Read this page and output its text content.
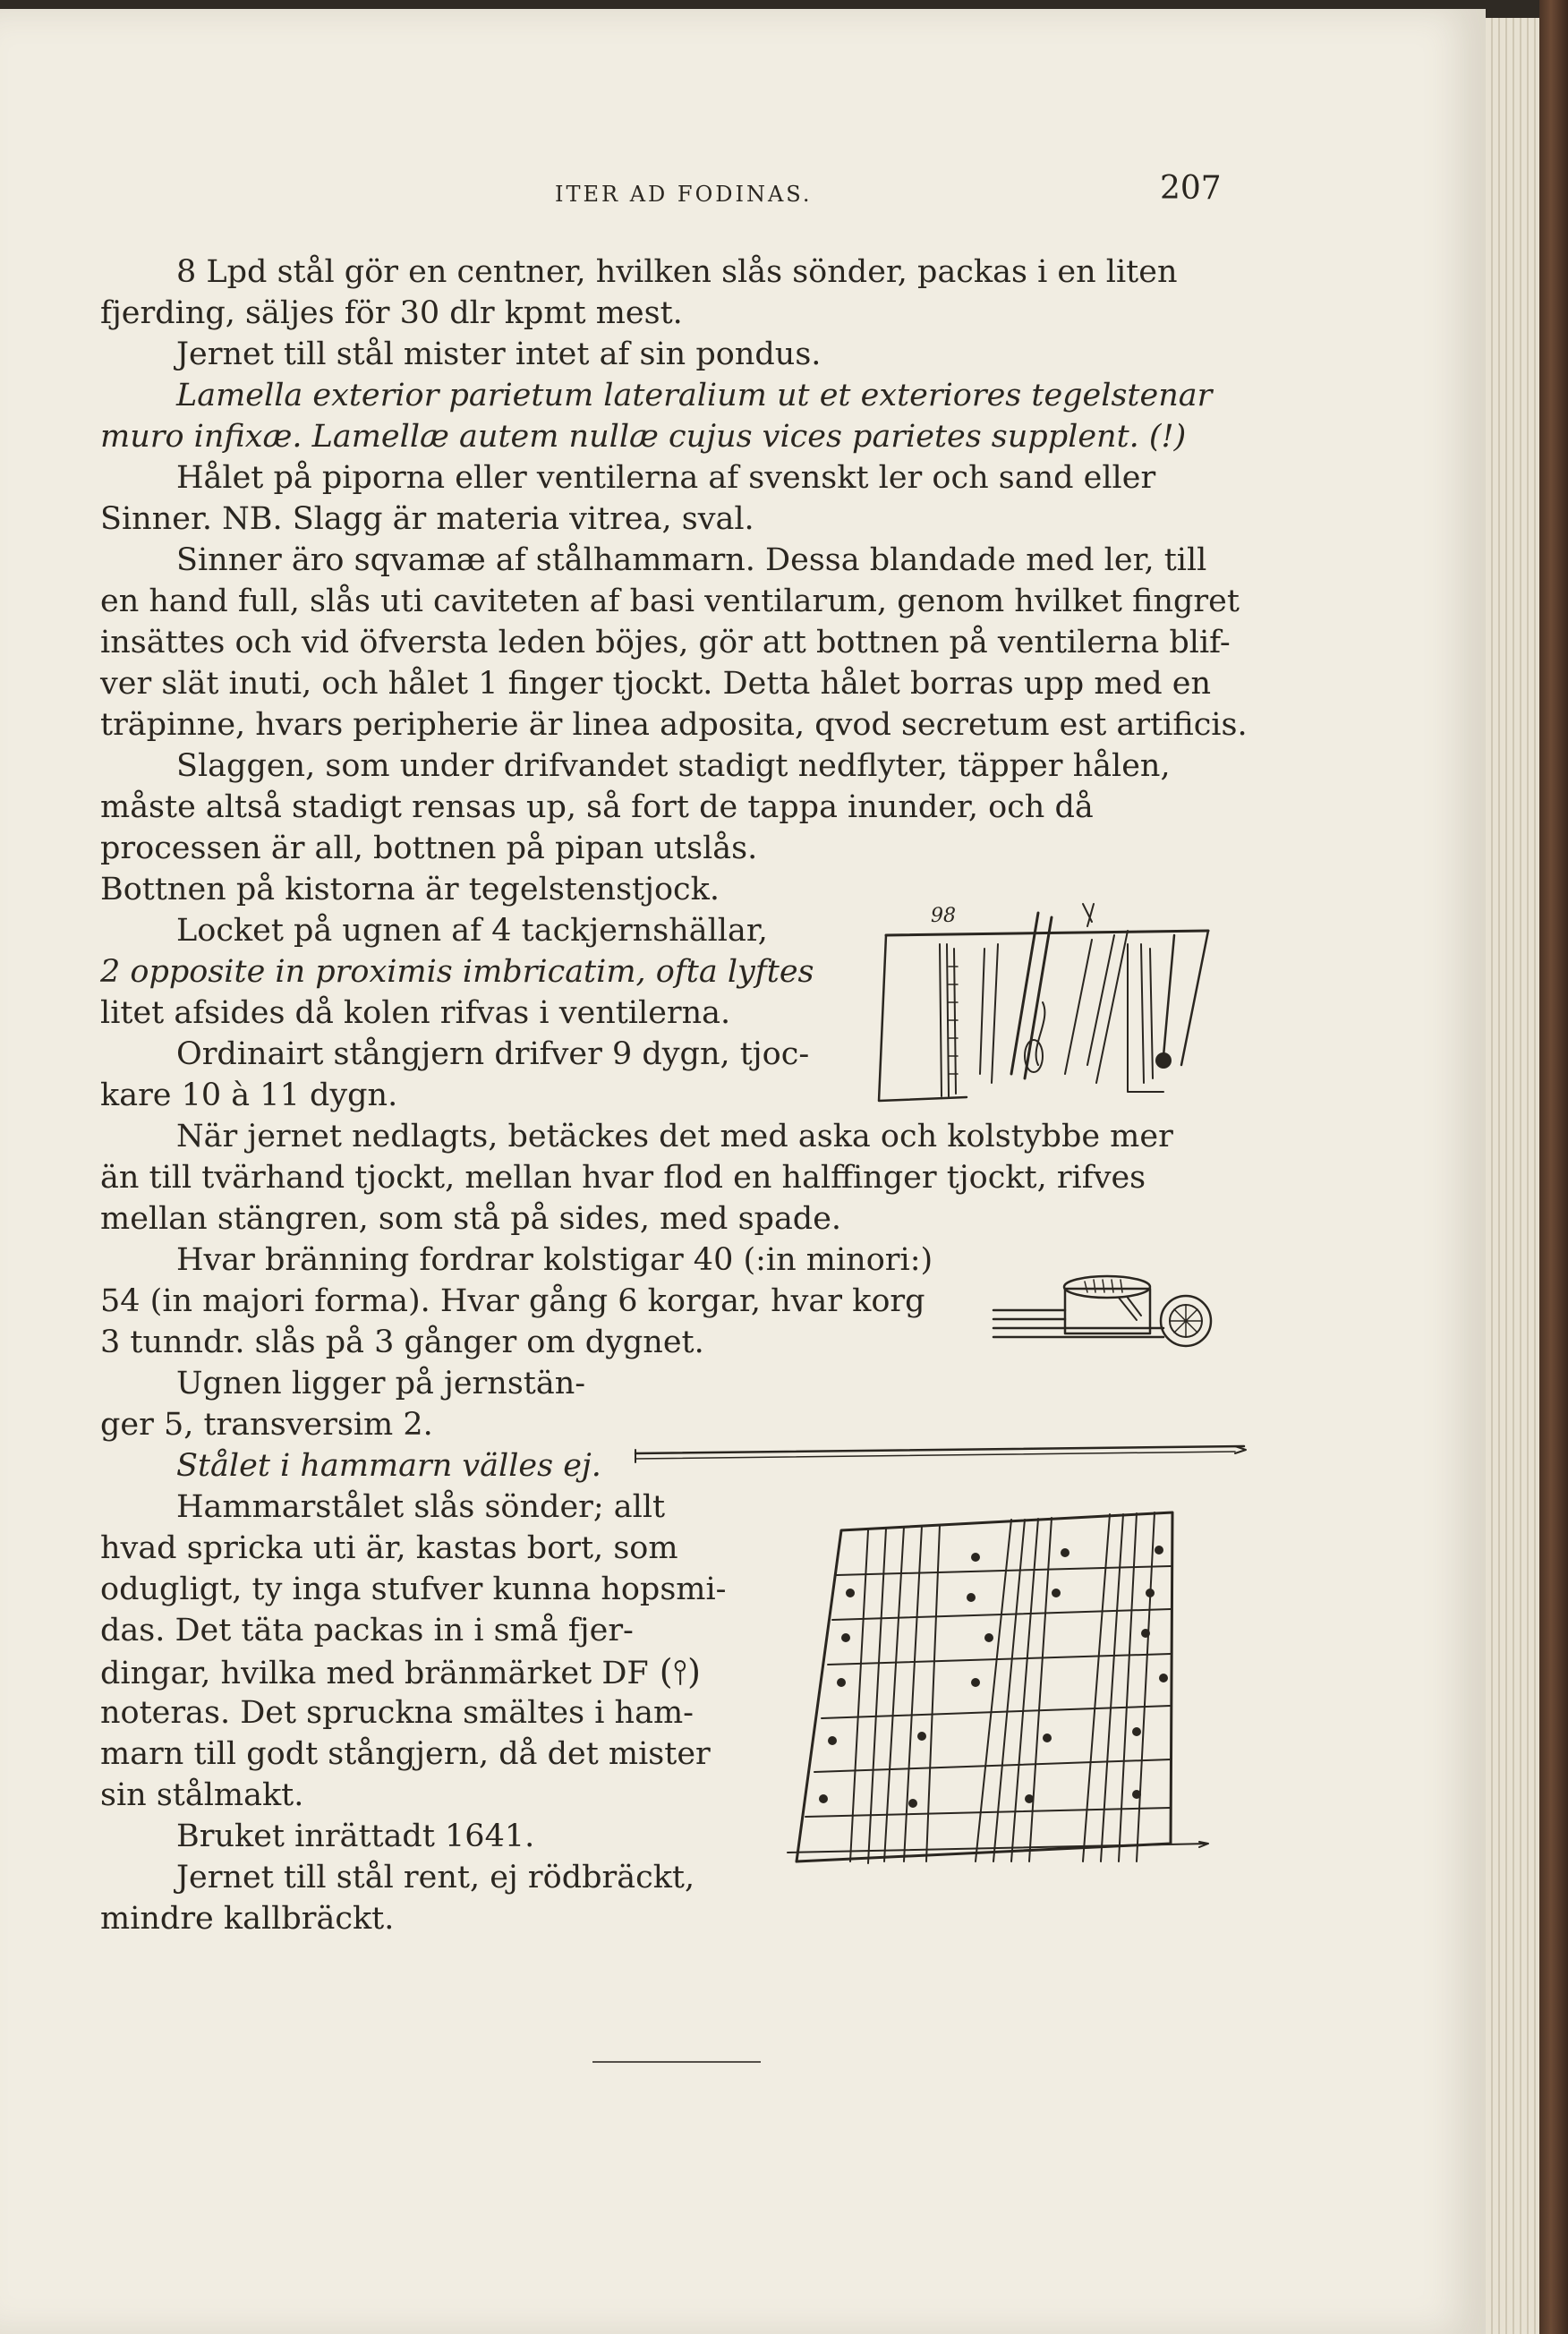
ITER AD FODINAS.	207
8 Lpd stål gör en centner, hvilken slås sönder, packas i en liten
fjerding, säljes för 30 dlr kpmt mest.
Jernet till stål mister intet af sin pondus.
Lamella exterior parietum lateralium ut et exteriores tegelstenar
muro infixæ. Lamellæ autem nullæ cujus vices parietes supplent. (!)
Hålet på piporna eller ventilerna af svenskt ler och sand eller
Sinner. NB. Slagg är materia vitrea, sval.
Sinner äro sqvamæ af stålhammarn. Dessa blandade med ler, till
en hand full, slås uti caviteten af basi ventilarum, genom hvilket fingret
insättes och vid öfversta leden böjes, gör att bottnen på ventilerna blif-
ver slät inuti, och hålet 1 finger tjockt. Detta hålet borras upp med en
träpinne, hvars peripherie är linea adposita, qvod secretum est artificis.
Slaggen, som under drifvandet stadigt nedflyter, täpper hålen,
måste altså stadigt rensas up, så fort de tappa inunder, och då
processen är all, bottnen på pipan utslås.
Bottnen på kistorna är tegelstenstjock.
Locket på ugnen af 4 tackjernshällar,
2 opposite in proximis imbricatim, ofta lyftes
litet afsides då kolen rifvas i ventilerna.
Ordinairt stångjern drifver 9 dygn, tjoc-
kare 10 à 11 dygn.
När jernet nedlagts, betäckes det med aska och kolstybbe mer
än till tvärhand tjockt, mellan hvar flod en halffinger tjockt, rifves
mellan stängren, som stå på sides, med spade.
Hvar bränning fordrar kolstigar 40 (:in minori:)
54 (in majori forma). Hvar gång 6 korgar, hvar korg
3 tunndr. slås på 3 gånger om dygnet.
Ugnen ligger på jernstän-
ger 5, transversim 2.
Stålet i hammarn välles ej.
Hammarstålet slås sönder; allt
hvad spricka uti är, kastas bort, som
odugligt, ty inga stufver kunna hopsmi-
das. Det täta packas in i små fjer-
dingar, hvilka med bränmärket DF (⫯)
noteras. Det spruckna smältes i ham-
marn till godt stångjern, då det mister
sin stålmakt.
Bruket inrättadt 1641.
Jernet till stål rent, ej rödbräckt,
mindre kallbräckt.
98
